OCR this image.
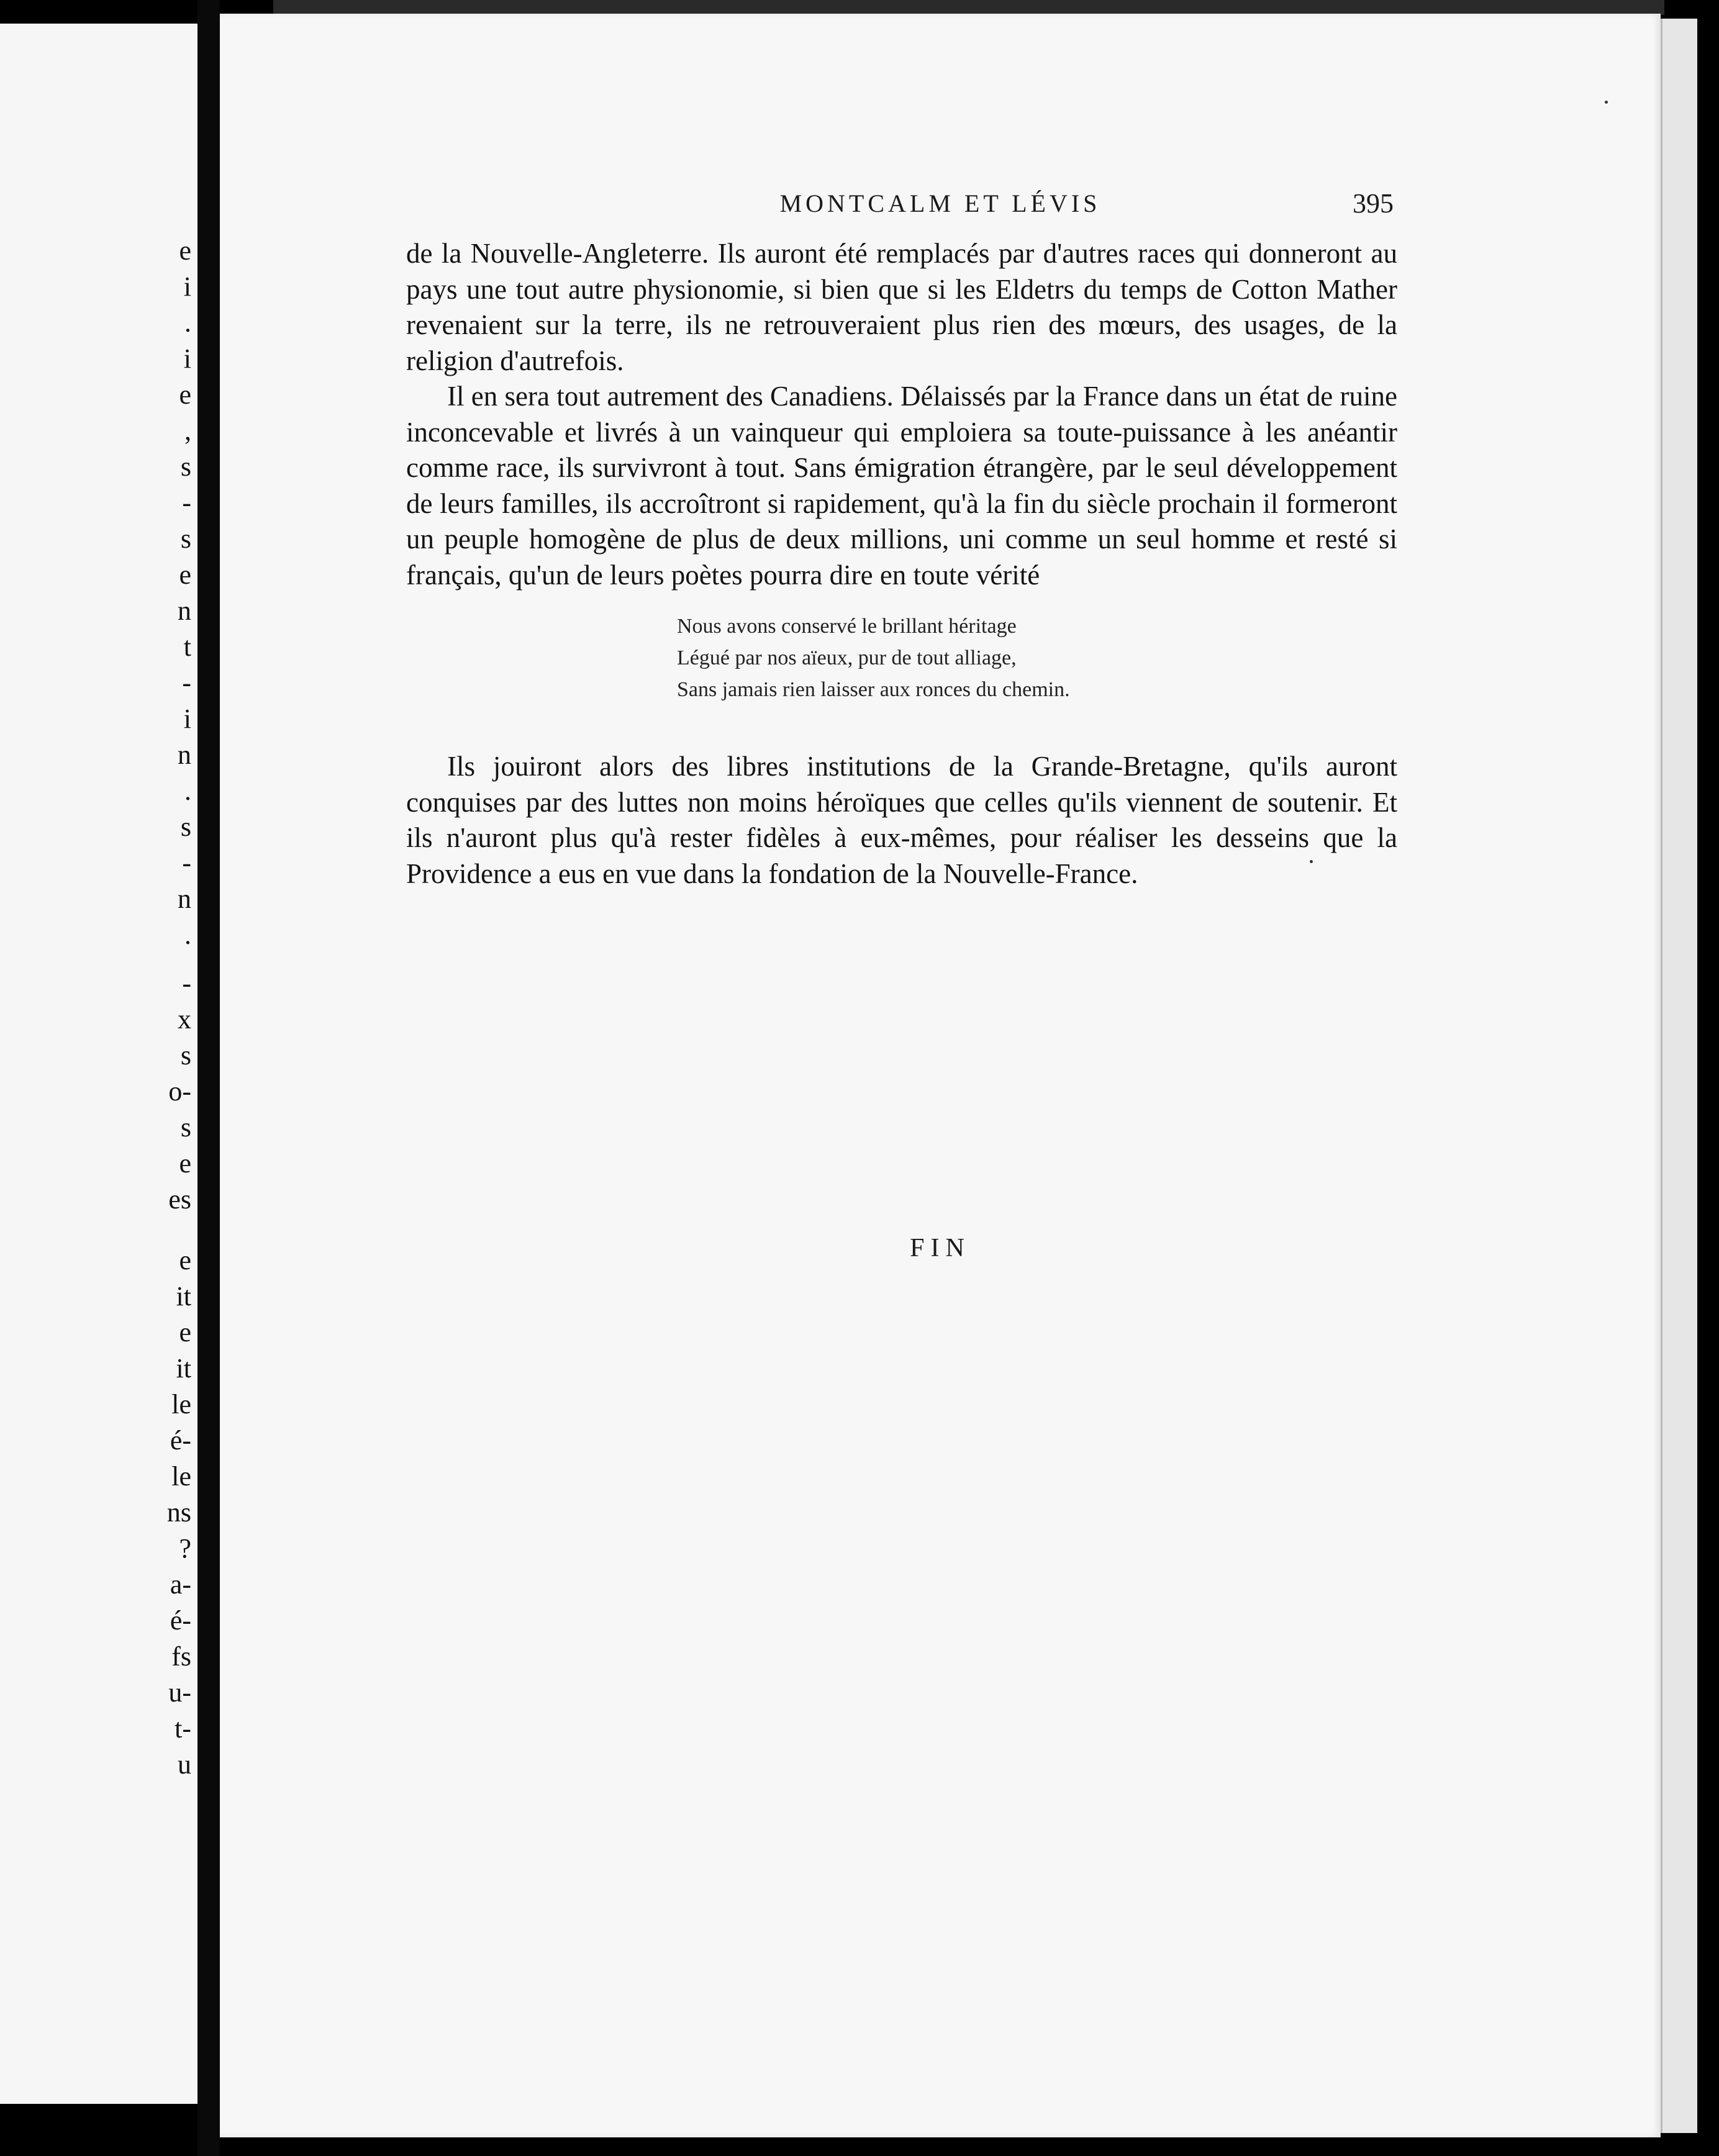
e
i
.
i
e
,
s
-
s
e
n
t
-
i
n
.
s
-
n
.
-
x
s
o-
s
e
es
e
it
e
it
le
é-
le
ns
?
a-
é-
fs
u-
t-
u
MONTCALM ET LÉVIS	395

de la Nouvelle-Angleterre. Ils auront été remplacés par d'autres races qui donneront au pays une tout autre physionomie, si bien que si les Eldetrs du temps de Cotton Mather revenaient sur la terre, ils ne retrouveraient plus rien des mœurs, des usages, de la religion d'autrefois.

Il en sera tout autrement des Canadiens. Délaissés par la France dans un état de ruine inconcevable et livrés à un vainqueur qui emploiera sa toute-puissance à les anéantir comme race, ils survivront à tout. Sans émigration étrangère, par le seul développement de leurs familles, ils accroîtront si rapidement, qu'à la fin du siècle prochain il formeront un peuple homogène de plus de deux millions, uni comme un seul homme et resté si français, qu'un de leurs poètes pourra dire en toute vérité

Nous avons conservé le brillant héritage
Légué par nos aïeux, pur de tout alliage,
Sans jamais rien laisser aux ronces du chemin.

Ils jouiront alors des libres institutions de la Grande-Bretagne, qu'ils auront conquises par des luttes non moins héroïques que celles qu'ils viennent de soutenir. Et ils n'auront plus qu'à rester fidèles à eux-mêmes, pour réaliser les desseins que la Providence a eus en vue dans la fondation de la Nouvelle-France.

FIN
